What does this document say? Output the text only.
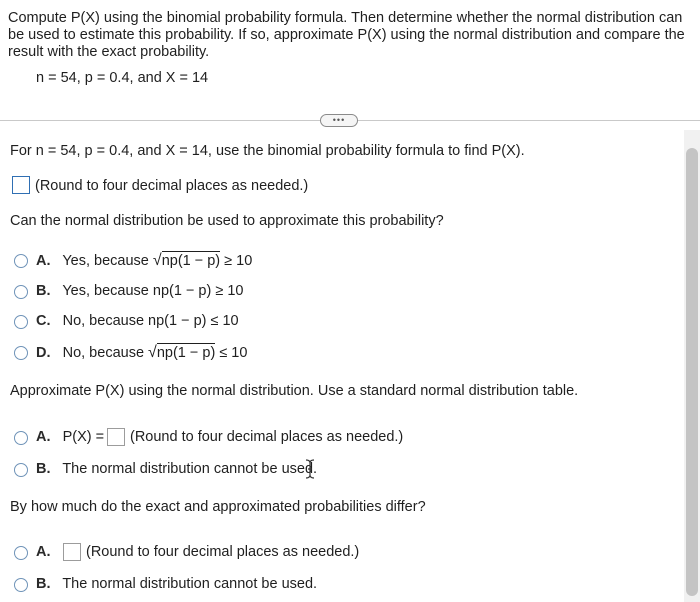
Compute P(X) using the binomial probability formula. Then determine whether the normal distribution can be used to estimate this probability. If so, approximate P(X) using the normal distribution and compare the result with the exact probability.
n = 54, p = 0.4, and X = 14
•••
For n = 54, p = 0.4, and X = 14, use the binomial probability formula to find P(X).
(Round to four decimal places as needed.)
Can the normal distribution be used to approximate this probability?
A. Yes, because √np(1 − p) ≥ 10
B. Yes, because np(1 − p) ≥ 10
C. No, because np(1 − p) ≤ 10
D. No, because √np(1 − p) ≤ 10
Approximate P(X) using the normal distribution. Use a standard normal distribution table.
A. P(X) = (Round to four decimal places as needed.)
B. The normal distribution cannot be used.
By how much do the exact and approximated probabilities differ?
A. (Round to four decimal places as needed.)
B. The normal distribution cannot be used.
